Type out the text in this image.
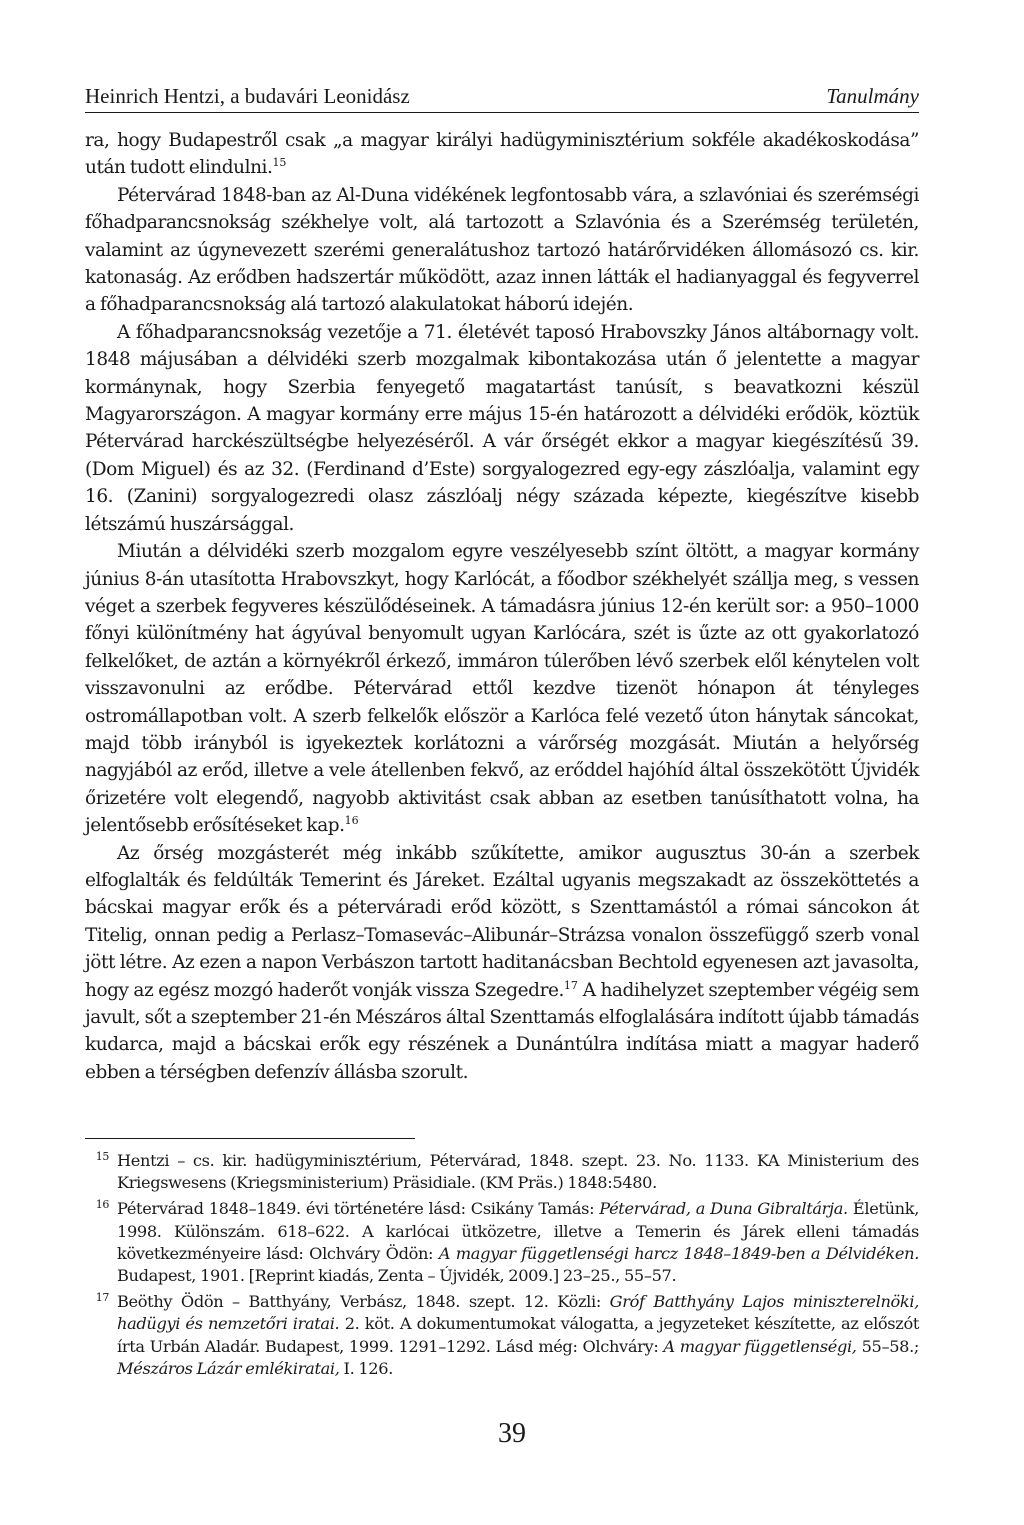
Heinrich Hentzi, a budavári Leonidász	Tanulmány

ra, hogy Budapestről csak „a magyar királyi hadügyminisztérium sokféle akadékoskodása” után tudott elindulni.$^{15}$

Pétervárad 1848-ban az Al-Duna vidékének legfontosabb vára, a szlavóniai és szerémségi főhadparancsnokság székhelye volt, alá tartozott a Szlavónia és a Szerémség területén, valamint az úgynevezett szerémi generalátushoz tartozó határőrvidéken állomásozó cs. kir. katonaság. Az erődben hadszertár működött, azaz innen látták el hadianyaggal és fegyverrel a főhadparancsnokság alá tartozó alakulatokat háború idején.

A főhadparancsnokság vezetője a 71. életévét taposó Hrabovszky János altábornagy volt. 1848 májusában a délvidéki szerb mozgalmak kibontakozása után ő jelentette a magyar kormánynak, hogy Szerbia fenyegető magatartást tanúsít, s beavatkozni készül Magyarországon. A magyar kormány erre május 15-én határozott a délvidéki erődök, köztük Pétervárad harckészültségbe helyezéséről. A vár őrségét ekkor a magyar kiegészítésű 39. (Dom Miguel) és az 32. (Ferdinand d’Este) sorgyalogezred egy-egy zászlóalja, valamint egy 16. (Zanini) sorgyalogezredi olasz zászlóalj négy százada képezte, kiegészítve kisebb létszámú huszársággal.

Miután a délvidéki szerb mozgalom egyre veszélyesebb színt öltött, a magyar kormány június 8-án utasította Hrabovszkyt, hogy Karlócát, a főodbor székhelyét szállja meg, s vessen véget a szerbek fegyveres készülődéseinek. A támadásra június 12-én került sor: a 950–1000 főnyi különítmény hat ágyúval benyomult ugyan Karlócára, szét is űzte az ott gyakorlatozó felkelőket, de aztán a környékről érkező, immáron túlerőben lévő szerbek elől kénytelen volt visszavonulni az erődbe. Pétervárad ettől kezdve tizenöt hónapon át tényleges ostromállapotban volt. A szerb felkelők először a Karlóca felé vezető úton hánytak sáncokat, majd több irányból is igyekeztek korlátozni a várőrség mozgását. Miután a helyőrség nagyjából az erőd, illetve a vele átellenben fekvő, az erőddel hajóhíd által összekötött Újvidék őrizetére volt elegendő, nagyobb aktivitást csak abban az esetben tanúsíthatott volna, ha jelentősebb erősítéseket kap.$^{16}$

Az őrség mozgásterét még inkább szűkítette, amikor augusztus 30-án a szerbek elfoglalták és feldúlták Temerint és Járeket. Ezáltal ugyanis megszakadt az összeköttetés a bácskai magyar erők és a péterváradi erőd között, s Szenttamástól a római sáncokon át Titelig, onnan pedig a Perlasz–Tomasevác–Alibunár–Strázsa vonalon összefüggő szerb vonal jött létre. Az ezen a napon Verbászon tartott haditanácsban Bechtold egyenesen azt javasolta, hogy az egész mozgó haderőt vonják vissza Szegedre.$^{17}$ A hadihelyzet szeptember végéig sem javult, sőt a szeptember 21-én Mészáros által Szenttamás elfoglalására indított újabb támadás kudarca, majd a bácskai erők egy részének a Dunántúlra indítása miatt a magyar haderő ebben a térségben defenzív állásba szorult.

15 Hentzi – cs. kir. hadügyminisztérium, Pétervárad, 1848. szept. 23. No. 1133. KA Ministerium des Kriegswesens (Kriegsministerium) Präsidiale. (KM Präs.) 1848:5480.
16 Pétervárad 1848–1849. évi történetére lásd: Csikány Tamás: Pétervárad, a Duna Gibraltárja. Életünk, 1998. Különszám. 618–622. A karlócai ütközetre, illetve a Temerin és Járek elleni támadás következményeire lásd: Olchváry Ödön: A magyar függetlenségi harcz 1848–1849-ben a Délvidéken. Budapest, 1901. [Reprint kiadás, Zenta – Újvidék, 2009.] 23–25., 55–57.
17 Beöthy Ödön – Batthyány, Verbász, 1848. szept. 12. Közli: Gróf Batthyány Lajos miniszterelnöki, hadügyi és nemzetőri iratai. 2. köt. A dokumentumokat válogatta, a jegyzeteket készítette, az előszót írta Urbán Aladár. Budapest, 1999. 1291–1292. Lásd még: Olchváry: A magyar függetlenségi, 55–58.; Mészáros Lázár emlékiratai, I. 126.
39
